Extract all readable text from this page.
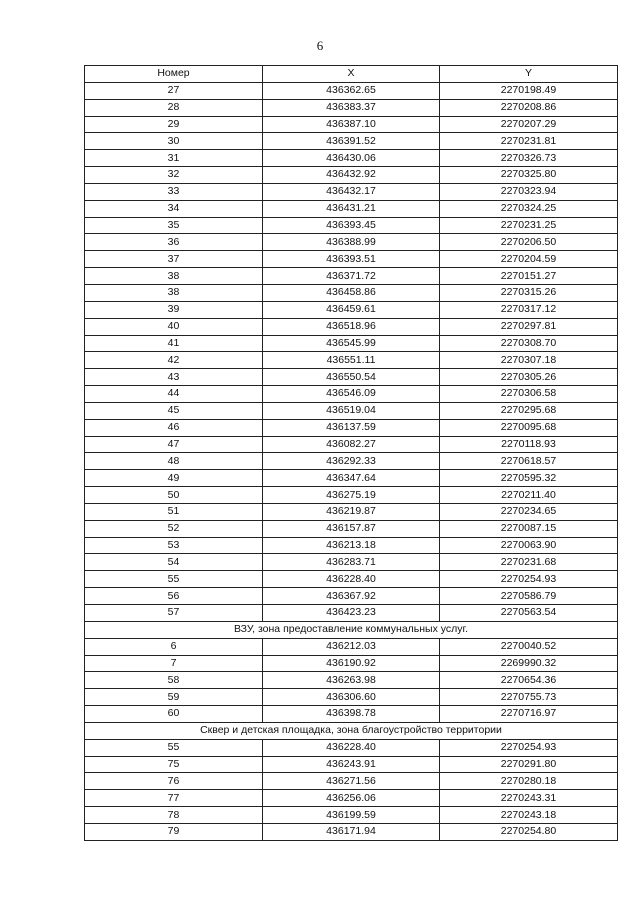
6
Номер	X	Y
27	436362.65	2270198.49
28	436383.37	2270208.86
29	436387.10	2270207.29
30	436391.52	2270231.81
31	436430.06	2270326.73
32	436432.92	2270325.80
33	436432.17	2270323.94
34	436431.21	2270324.25
35	436393.45	2270231.25
36	436388.99	2270206.50
37	436393.51	2270204.59
38	436371.72	2270151.27
38	436458.86	2270315.26
39	436459.61	2270317.12
40	436518.96	2270297.81
41	436545.99	2270308.70
42	436551.11	2270307.18
43	436550.54	2270305.26
44	436546.09	2270306.58
45	436519.04	2270295.68
46	436137.59	2270095.68
47	436082.27	2270118.93
48	436292.33	2270618.57
49	436347.64	2270595.32
50	436275.19	2270211.40
51	436219.87	2270234.65
52	436157.87	2270087.15
53	436213.18	2270063.90
54	436283.71	2270231.68
55	436228.40	2270254.93
56	436367.92	2270586.79
57	436423.23	2270563.54
ВЗУ, зона предоставление коммунальных услуг.		
6	436212.03	2270040.52
7	436190.92	2269990.32
58	436263.98	2270654.36
59	436306.60	2270755.73
60	436398.78	2270716.97
Сквер и детская площадка, зона благоустройство территории		
55	436228.40	2270254.93
75	436243.91	2270291.80
76	436271.56	2270280.18
77	436256.06	2270243.31
78	436199.59	2270243.18
79	436171.94	2270254.80
